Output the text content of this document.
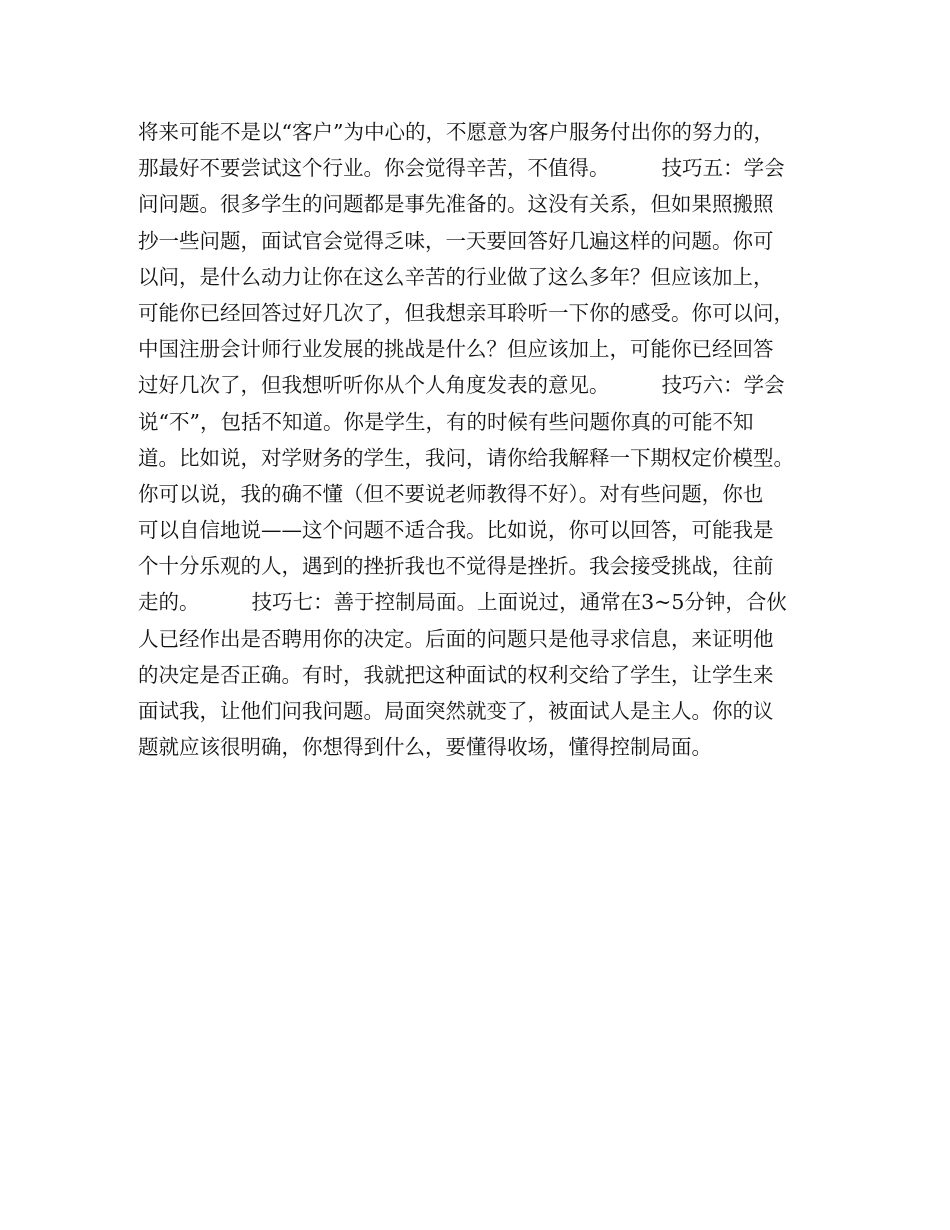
将来可能不是以“客户”为中心的，不愿意为客户服务付出你的努力的，
那最好不要尝试这个行业。你会觉得辛苦，不值得。        技巧五：学会
问问题。很多学生的问题都是事先准备的。这没有关系，但如果照搬照
抄一些问题，面试官会觉得乏味，一天要回答好几遍这样的问题。你可
以问，是什么动力让你在这么辛苦的行业做了这么多年？但应该加上，
可能你已经回答过好几次了，但我想亲耳聆听一下你的感受。你可以问，
中国注册会计师行业发展的挑战是什么？但应该加上，可能你已经回答
过好几次了，但我想听听你从个人角度发表的意见。        技巧六：学会
说“不”，包括不知道。你是学生，有的时候有些问题你真的可能不知
道。比如说，对学财务的学生，我问，请你给我解释一下期权定价模型。
你可以说，我的确不懂（但不要说老师教得不好）。对有些问题，你也
可以自信地说——这个问题不适合我。比如说，你可以回答，可能我是
个十分乐观的人，遇到的挫折我也不觉得是挫折。我会接受挑战，往前
走的。        技巧七：善于控制局面。上面说过，通常在3~5分钟，合伙
人已经作出是否聘用你的决定。后面的问题只是他寻求信息，来证明他
的决定是否正确。有时，我就把这种面试的权利交给了学生，让学生来
面试我，让他们问我问题。局面突然就变了，被面试人是主人。你的议
题就应该很明确，你想得到什么，要懂得收场，懂得控制局面。
